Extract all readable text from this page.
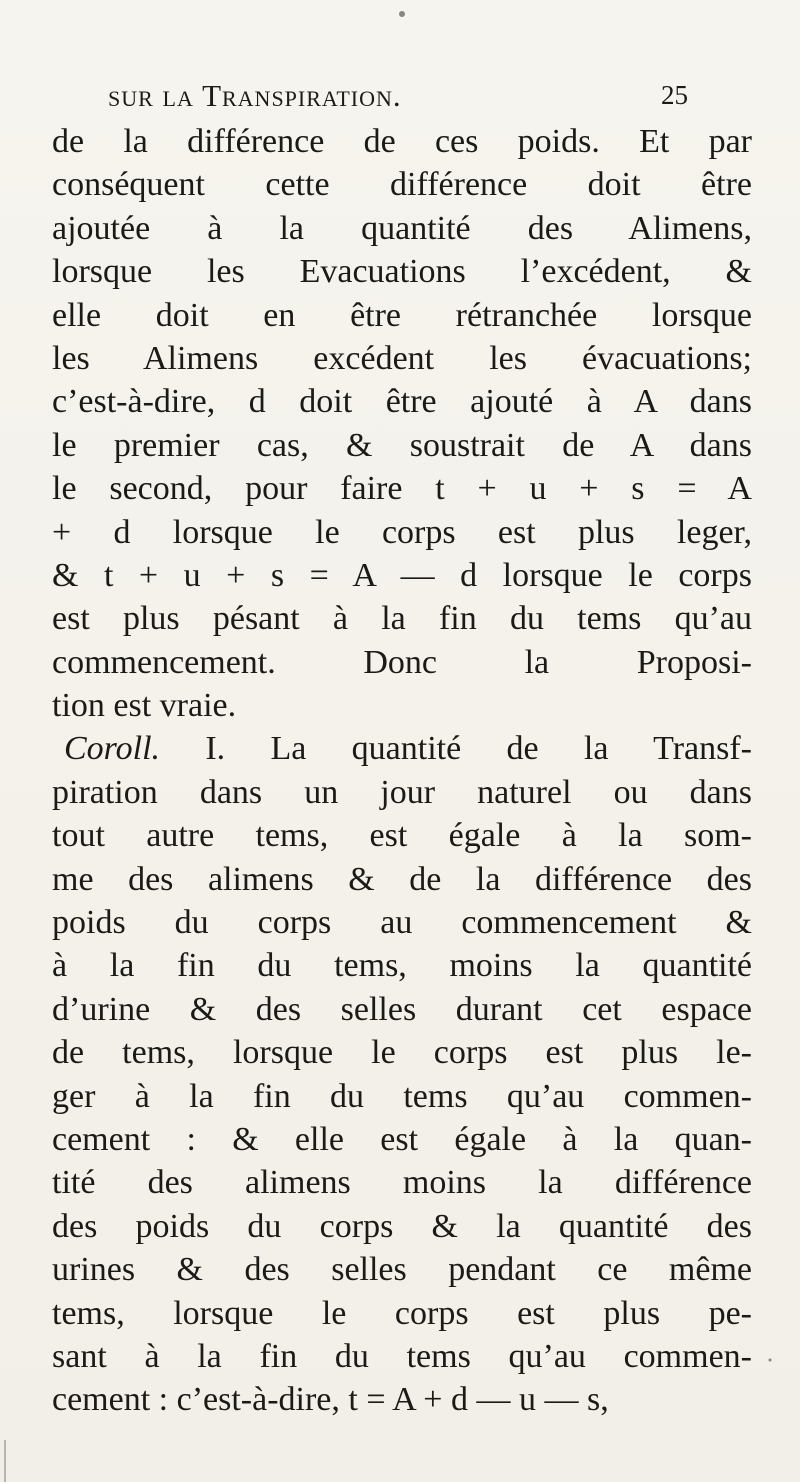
sur la Transpiration.	25
de la différence de ces poids. Et par
conséquent cette différence doit être
ajoutée à la quantité des Alimens,
lorsque les Evacuations l’excédent, &
elle doit en être rétranchée lorsque
les Alimens excédent les évacuations;
c’est-à-dire, d doit être ajouté à A dans
le premier cas, & soustrait de A dans
le second, pour faire t + u + s = A
+ d lorsque le corps est plus leger,
& t + u + s = A — d lorsque le corps
est plus pésant à la fin du tems qu’au
commencement. Donc la Proposi-
tion est vraie.
Coroll. I. La quantité de la Transf-
piration dans un jour naturel ou dans
tout autre tems, est égale à la som-
me des alimens & de la différence des
poids du corps au commencement &
à la fin du tems, moins la quantité
d’urine & des selles durant cet espace
de tems, lorsque le corps est plus le-
ger à la fin du tems qu’au commen-
cement : & elle est égale à la quan-
tité des alimens moins la différence
des poids du corps & la quantité des
urines & des selles pendant ce même
tems, lorsque le corps est plus pe-
sant à la fin du tems qu’au commen-
cement : c’est-à-dire, t = A + d — u — s,
